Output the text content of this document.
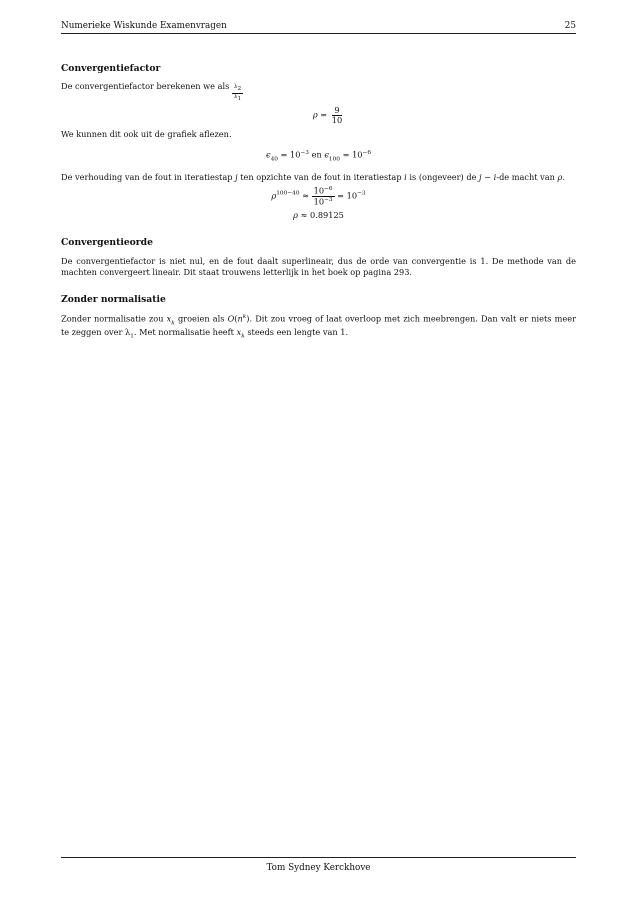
Numerieke Wiskunde Examenvragen	25
Convergentiefactor

De convergentiefactor berekenen we als $\frac{\lambda_2}{\lambda_1}$

$\rho = \frac{9}{10}$

We kunnen dit ook uit de grafiek aflezen.

$\epsilon_{40} = 10^{-3}$ en $\epsilon_{100} = 10^{-6}$

De verhouding van de fout in iteratiestap j ten opzichte van de fout in iteratiestap i is (ongeveer) de j − i-de macht van ρ.

$\rho^{100-40} \approx \frac{10^{-6}}{10^{-3}} = 10^{-3}$
ρ ≈ 0.89125
Convergentieorde

De convergentiefactor is niet nul, en de fout daalt superlineair, dus de orde van convergentie is 1. De methode van de machten convergeert lineair. Dit staat trouwens letterlijk in het boek op pagina 293.

Zonder normalisatie

Zonder normalisatie zou $x_k$ groeien als $O(n^k)$. Dit zou vroeg of laat overloop met zich meebrengen. Dan valt er niets meer te zeggen over $\lambda_1$. Met normalisatie heeft $x_k$ steeds een lengte van 1.

Tom Sydney Kerckhove
